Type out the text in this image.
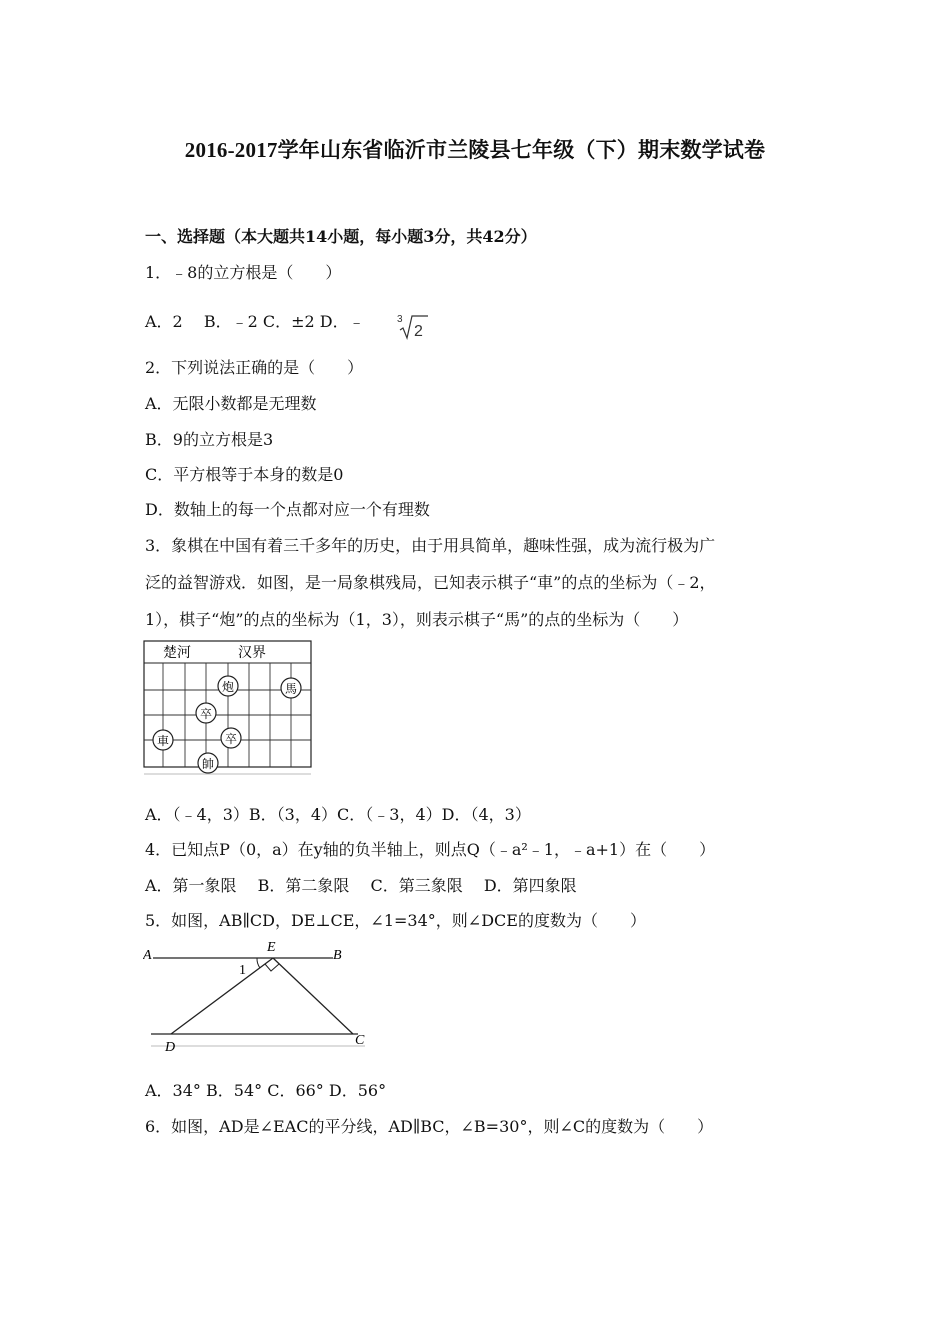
2016-2017学年山东省临沂市兰陵县七年级（下）期末数学试卷
一、选择题（本大题共14小题，每小题3分，共42分）
1．﹣8的立方根是（　　）
A．2　 B．﹣2 C．±2 D．﹣	3
2
2．下列说法正确的是（　　）
A．无限小数都是无理数
B．9的立方根是3
C．平方根等于本身的数是0
D．数轴上的每一个点都对应一个有理数
3．象棋在中国有着三千多年的历史，由于用具简单，趣味性强，成为流行极为广
泛的益智游戏．如图，是一局象棋残局，已知表示棋子“車”的点的坐标为（﹣2，
1），棋子“炮”的点的坐标为（1，3），则表示棋子“馬”的点的坐标为（　　）
楚河	汉界
炮	馬
卒
卒
車
帥
A．（﹣4，3）B．（3，4）C．（﹣3，4）D．（4，3）
4．已知点P（0，a）在y轴的负半轴上，则点Q（﹣a²﹣1，﹣a+1）在（　　）
A．第一象限　 B．第二象限　 C．第三象限　 D．第四象限
5．如图，AB∥CD，DE⊥CE，∠1=34°，则∠DCE的度数为（　　）
A
E
B
1
D	C
A．34° B．54° C．66° D．56°
6．如图，AD是∠EAC的平分线，AD∥BC，∠B=30°，则∠C的度数为（　　）
